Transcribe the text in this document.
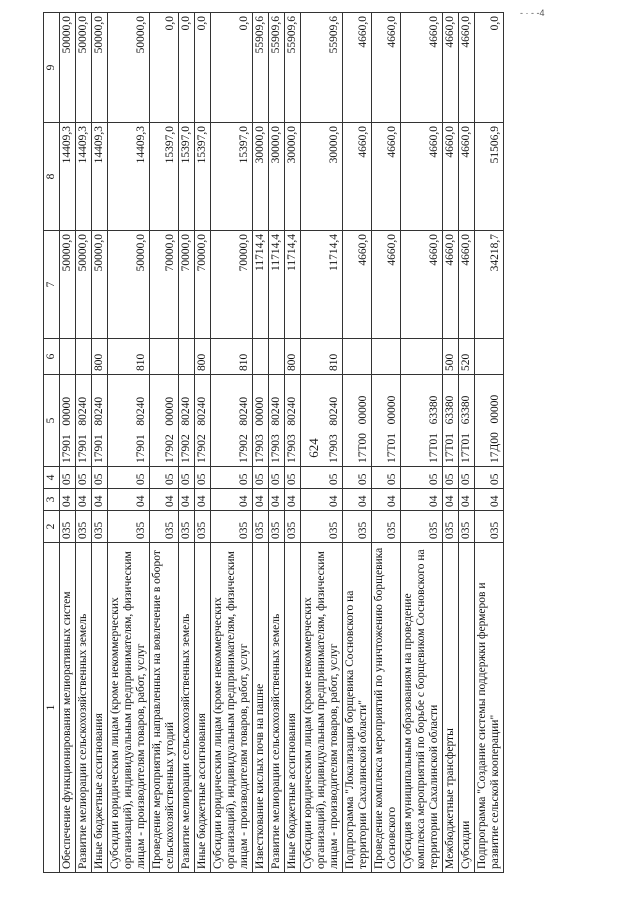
624
- · - -4
1	2	3	4	5	6	7	8	9
Обеспечение функционирования мелиоративных систем	035	04	05	17901   00000		50000,0	14409,3	50000,0
Развитие мелиорации сельскохозяйственных земель	035	04	05	17901   80240		50000,0	14409,3	50000,0
Иные бюджетные ассигнования	035	04	05	17901   80240	800	50000,0	14409,3	50000,0
Субсидии юридическим лицам (кроме некоммерческих организаций), индивидуальным предпринимателям, физическим лицам - производителям товаров, работ, услуг	035	04	05	17901   80240	810	50000,0	14409,3	50000,0
Проведение мероприятий, направленных на вовлечение в оборот сельскохозяйственных угодий	035	04	05	17902   00000		70000,0	15397,0	0,0
Развитие мелиорации сельскохозяйственных земель	035	04	05	17902   80240		70000,0	15397,0	0,0
Иные бюджетные ассигнования	035	04	05	17902   80240	800	70000,0	15397,0	0,0
Субсидии юридическим лицам (кроме некоммерческих организаций), индивидуальным предпринимателям, физическим лицам - производителям товаров, работ, услуг	035	04	05	17902   80240	810	70000,0	15397,0	0,0
Известкование кислых почв на пашне	035	04	05	17903   00000		11714,4	30000,0	55909,6
Развитие мелиорации сельскохозяйственных земель	035	04	05	17903   80240		11714,4	30000,0	55909,6
Иные бюджетные ассигнования	035	04	05	17903   80240	800	11714,4	30000,0	55909,6
Субсидии юридическим лицам (кроме некоммерческих организаций), индивидуальным предпринимателям, физическим лицам - производителям товаров, работ, услуг	035	04	05	17903   80240	810	11714,4	30000,0	55909,6
Подпрограмма "Локализация борщевика Сосновского на территории Сахалинской области"	035	04	05	17Т00   00000		4660,0	4660,0	4660,0
Проведение комплекса мероприятий по уничтожению борщевика Сосновского	035	04	05	17Т01   00000		4660,0	4660,0	4660,0
Субсидия муниципальным образованиям на проведение комплекса мероприятий по борьбе с борщевиком Сосновского на территории Сахалинской области	035	04	05	17Т01   63380		4660,0	4660,0	4660,0
Межбюджетные трансферты	035	04	05	17Т01   63380	500	4660,0	4660,0	4660,0
Субсидии	035	04	05	17Т01   63380	520	4660,0	4660,0	4660,0
Подпрограмма "Создание системы поддержки фермеров и развитие сельской кооперации"	035	04	05	17Д00   00000		34218,7	51506,9	0,0
